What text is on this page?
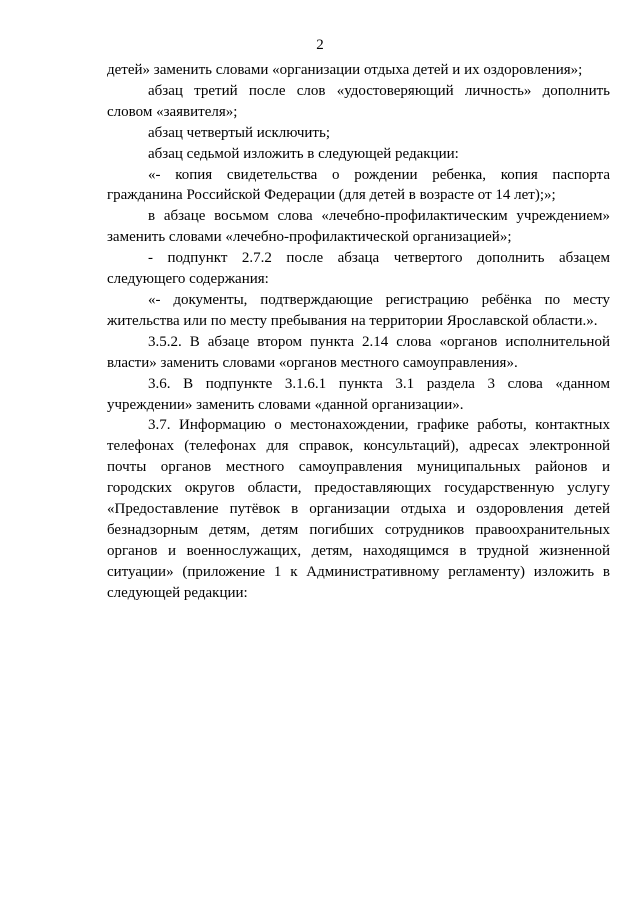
2

детей» заменить словами «организации отдыха детей и их оздоровления»;

абзац третий после слов «удостоверяющий личность» дополнить словом «заявителя»;

абзац четвертый исключить;

абзац седьмой изложить в следующей редакции:

«- копия свидетельства о рождении ребенка, копия паспорта гражданина Российской Федерации (для детей в возрасте от 14 лет);»;

в абзаце восьмом слова «лечебно-профилактическим учреждением» заменить словами «лечебно-профилактической организацией»;

- подпункт 2.7.2 после абзаца четвертого дополнить абзацем следующего содержания:

«- документы, подтверждающие регистрацию ребёнка по месту жительства или по месту пребывания на территории Ярославской области.».

3.5.2. В абзаце втором пункта 2.14 слова «органов исполнительной власти» заменить словами «органов местного самоуправления».

3.6. В подпункте 3.1.6.1 пункта 3.1 раздела 3 слова «данном учреждении» заменить словами «данной организации».

3.7. Информацию о местонахождении, графике работы, контактных телефонах (телефонах для справок, консультаций), адресах электронной почты органов местного самоуправления муниципальных районов и городских округов области, предоставляющих государственную услугу «Предоставление путёвок в организации отдыха и оздоровления детей безнадзорным детям, детям погибших сотрудников правоохранительных органов и военнослужащих, детям, находящимся в трудной жизненной ситуации» (приложение 1 к Административному регламенту) изложить в следующей редакции:
